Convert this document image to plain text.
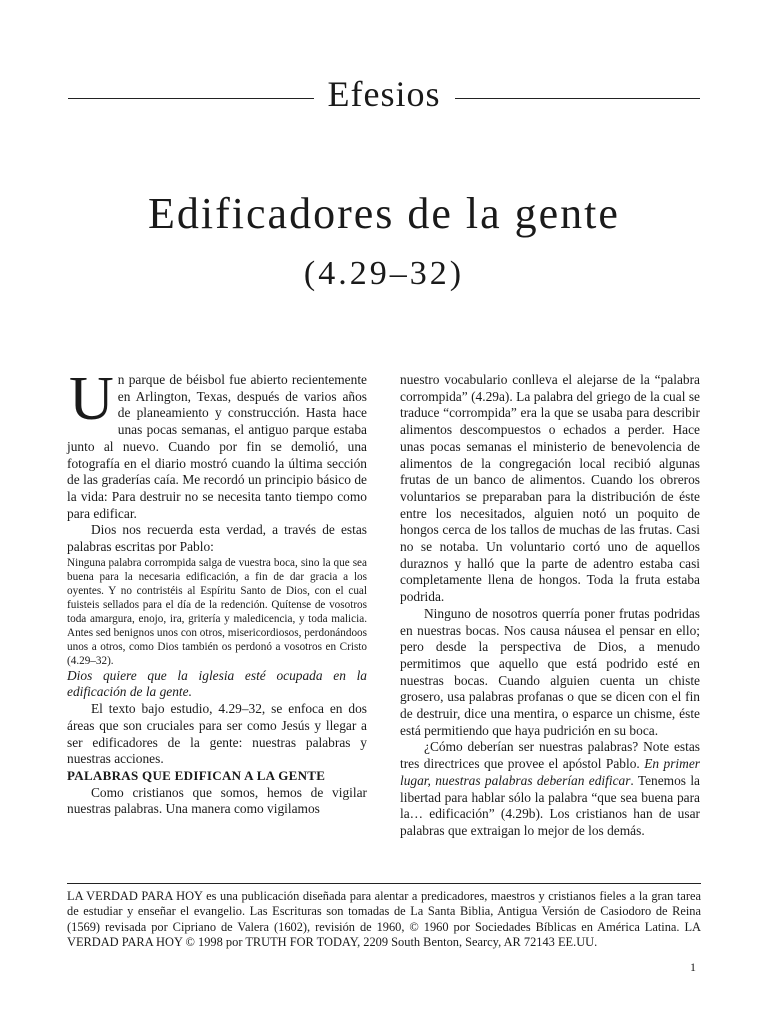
Efesios
Edificadores de la gente
(4.29–32)

Un parque de béisbol fue abierto recientemente en Arlington, Texas, después de varios años de planeamiento y construcción. Hasta hace unas pocas semanas, el antiguo parque estaba junto al nuevo. Cuando por fin se demolió, una fotografía en el diario mostró cuando la última sección de las graderías caía. Me recordó un principio básico de la vida: Para destruir no se necesita tanto tiempo como para edificar.

Dios nos recuerda esta verdad, a través de estas palabras escritas por Pablo:

Ninguna palabra corrompida salga de vuestra boca, sino la que sea buena para la necesaria edificación, a fin de dar gracia a los oyentes. Y no contristéis al Espíritu Santo de Dios, con el cual fuisteis sellados para el día de la redención. Quítense de vosotros toda amargura, enojo, ira, gritería y maledicencia, y toda malicia. Antes sed benignos unos con otros, misericordiosos, perdonándoos unos a otros, como Dios también os perdonó a vosotros en Cristo (4.29–32).

Dios quiere que la iglesia esté ocupada en la edificación de la gente.

El texto bajo estudio, 4.29–32, se enfoca en dos áreas que son cruciales para ser como Jesús y llegar a ser edificadores de la gente: nuestras palabras y nuestras acciones.

PALABRAS QUE EDIFICAN A LA GENTE

Como cristianos que somos, hemos de vigilar nuestras palabras. Una manera como vigilamos

nuestro vocabulario conlleva el alejarse de la “palabra corrompida” (4.29a). La palabra del griego de la cual se traduce “corrompida” era la que se usaba para describir alimentos descompuestos o echados a perder. Hace unas pocas semanas el ministerio de benevolencia de alimentos de la congregación local recibió algunas frutas de un banco de alimentos. Cuando los obreros voluntarios se preparaban para la distribución de éste entre los necesitados, alguien notó un poquito de hongos cerca de los tallos de muchas de las frutas. Casi no se notaba. Un voluntario cortó uno de aquellos duraznos y halló que la parte de adentro estaba casi completamente llena de hongos. Toda la fruta estaba podrida.

Ninguno de nosotros querría poner frutas podridas en nuestras bocas. Nos causa náusea el pensar en ello; pero desde la perspectiva de Dios, a menudo permitimos que aquello que está podrido esté en nuestras bocas. Cuando alguien cuenta un chiste grosero, usa palabras profanas o que se dicen con el fin de destruir, dice una mentira, o esparce un chisme, éste está permitiendo que haya pudrición en su boca.

¿Cómo deberían ser nuestras palabras? Note estas tres directrices que provee el apóstol Pablo. En primer lugar, nuestras palabras deberían edificar. Tenemos la libertad para hablar sólo la palabra “que sea buena para la… edificación” (4.29b). Los cristianos han de usar palabras que extraigan lo mejor de los demás.

LA VERDAD PARA HOY es una publicación diseñada para alentar a predicadores, maestros y cristianos fieles a la gran tarea de estudiar y enseñar el evangelio. Las Escrituras son tomadas de La Santa Biblia, Antigua Versión de Casiodoro de Reina (1569) revisada por Cipriano de Valera (1602), revisión de 1960, © 1960 por Sociedades Bíblicas en América Latina. LA VERDAD PARA HOY © 1998 por TRUTH FOR TODAY, 2209 South Benton, Searcy, AR 72143 EE.UU.
1
